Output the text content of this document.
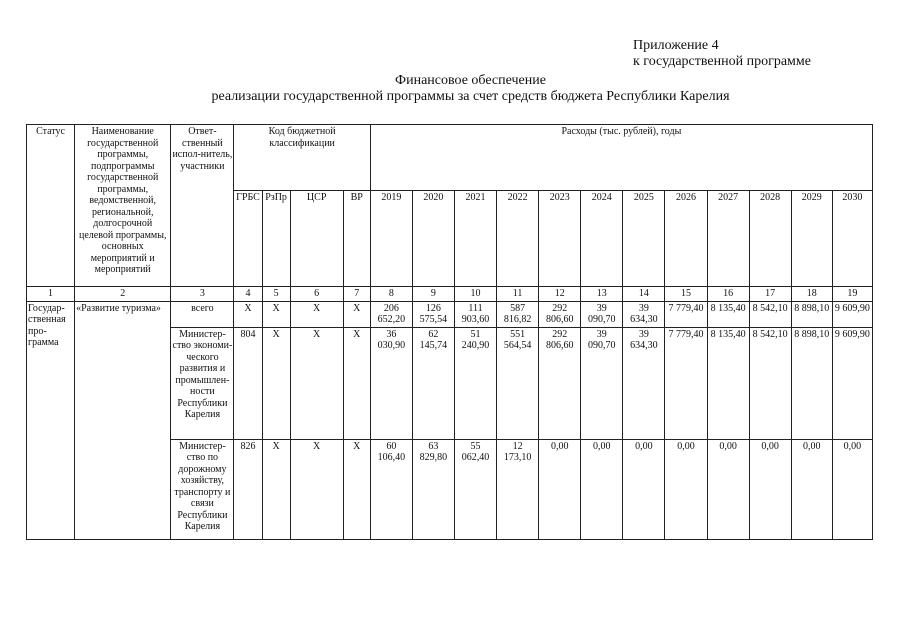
Приложение 4
к государственной программе
Финансовое обеспечение
реализации государственной программы за счет средств бюджета Республики Карелия
Статус	Наименование государственной программы, подпрограммы государственной программы, ведомственной, региональной, долгосрочной целевой программы, основных мероприятий и мероприятий	Ответ-ственный испол-нитель, участники	Код бюджетной классификации				Расходы (тыс. рублей), годы											
			ГРБС	РзПр	ЦСР	ВР	2019	2020	2021	2022	2023	2024	2025	2026	2027	2028	2029	2030
1	2	3	4	5	6	7	8	9	10	11	12	13	14	15	16	17	18	19
Государ-ственная про-грамма	«Развитие туризма»	всего	Х	Х	Х	Х	206 652,20	126 575,54	111 903,60	587 816,82	292 806,60	39 090,70	39 634,30	7 779,40	8 135,40	8 542,10	8 898,10	9 609,90
		Министер-ство экономи-ческого развития и промышлен-ности Республики Карелия	804	Х	Х	Х	36 030,90	62 145,74	51 240,90	551 564,54	292 806,60	39 090,70	39 634,30	7 779,40	8 135,40	8 542,10	8 898,10	9 609,90
		Министер-ство по дорожному хозяйству, транспорту и связи Республики Карелия	826	Х	Х	Х	60 106,40	63 829,80	55 062,40	12 173,10	0,00	0,00	0,00	0,00	0,00	0,00	0,00	0,00
